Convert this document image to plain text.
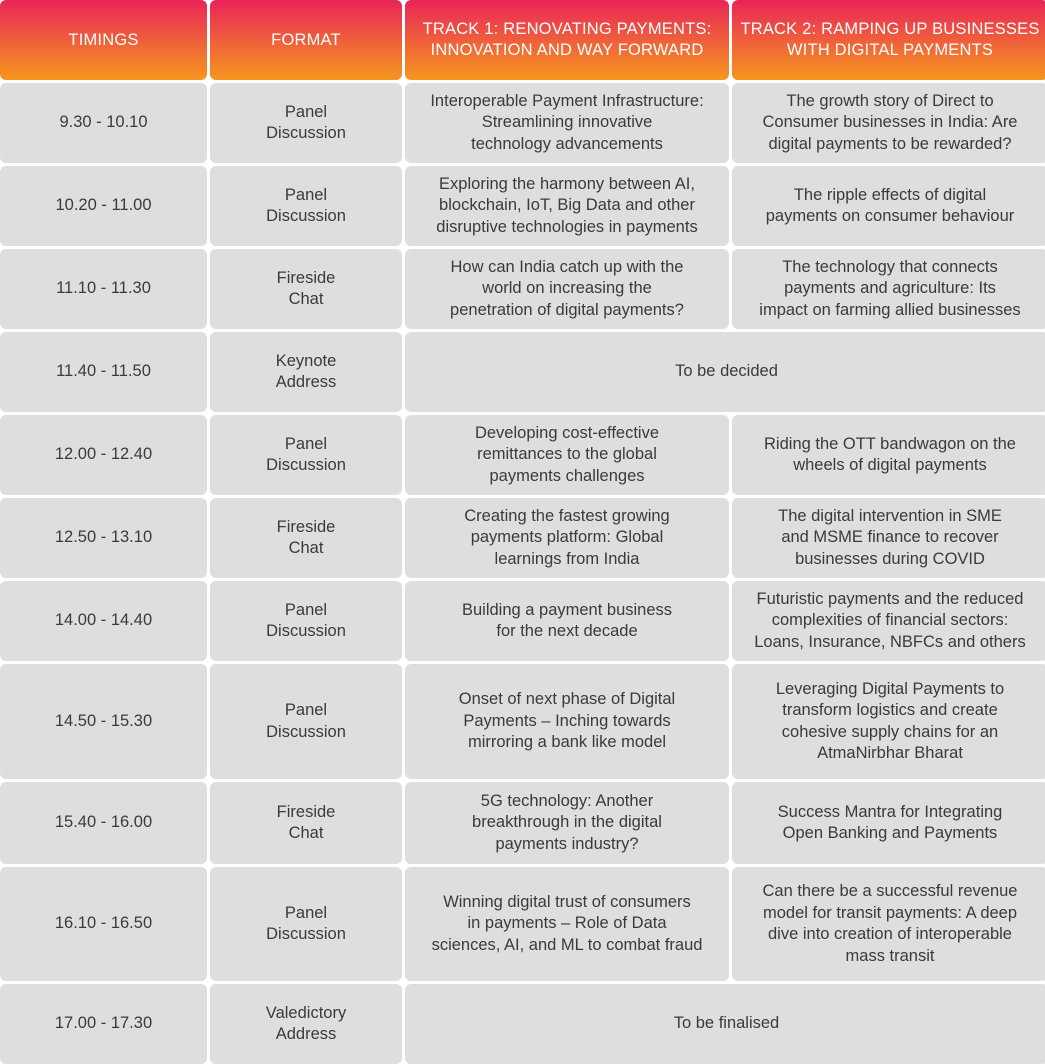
TIMINGS	FORMAT
TRACK 1: RENOVATING PAYMENTS:
INNOVATION AND WAY FORWARD
TRACK 2: RAMPING UP BUSINESSES
WITH DIGITAL PAYMENTS
9.30 - 10.10
Panel
Discussion
Interoperable Payment Infrastructure:
Streamlining innovative
technology advancements
The growth story of Direct to
Consumer businesses in India: Are
digital payments to be rewarded?
10.20 - 11.00
Panel
Discussion
Exploring the harmony between AI,
blockchain, IoT, Big Data and other
disruptive technologies in payments
The ripple effects of digital
payments on consumer behaviour
11.10 - 11.30
Fireside
Chat
How can India catch up with the
world on increasing the
penetration of digital payments?
The technology that connects
payments and agriculture: Its
impact on farming allied businesses
11.40 - 11.50
Keynote
Address
To be decided
12.00 - 12.40
Panel
Discussion
Developing cost-effective
remittances to the global
payments challenges
Riding the OTT bandwagon on the
wheels of digital payments
12.50 - 13.10
Fireside
Chat
Creating the fastest growing
payments platform: Global
learnings from India
The digital intervention in SME
and MSME finance to recover
businesses during COVID
14.00 - 14.40
Panel
Discussion
Building a payment business
for the next decade
Futuristic payments and the reduced
complexities of financial sectors:
Loans, Insurance, NBFCs and others
14.50 - 15.30
Panel
Discussion
Onset of next phase of Digital
Payments – Inching towards
mirroring a bank like model
Leveraging Digital Payments to
transform logistics and create
cohesive supply chains for an
AtmaNirbhar Bharat
15.40 - 16.00
Fireside
Chat
5G technology: Another
breakthrough in the digital
payments industry?
Success Mantra for Integrating
Open Banking and Payments
16.10 - 16.50
Panel
Discussion
Winning digital trust of consumers
in payments – Role of Data
sciences, AI, and ML to combat fraud
Can there be a successful revenue
model for transit payments: A deep
dive into creation of interoperable
mass transit
17.00 - 17.30
Valedictory
Address
To be finalised
